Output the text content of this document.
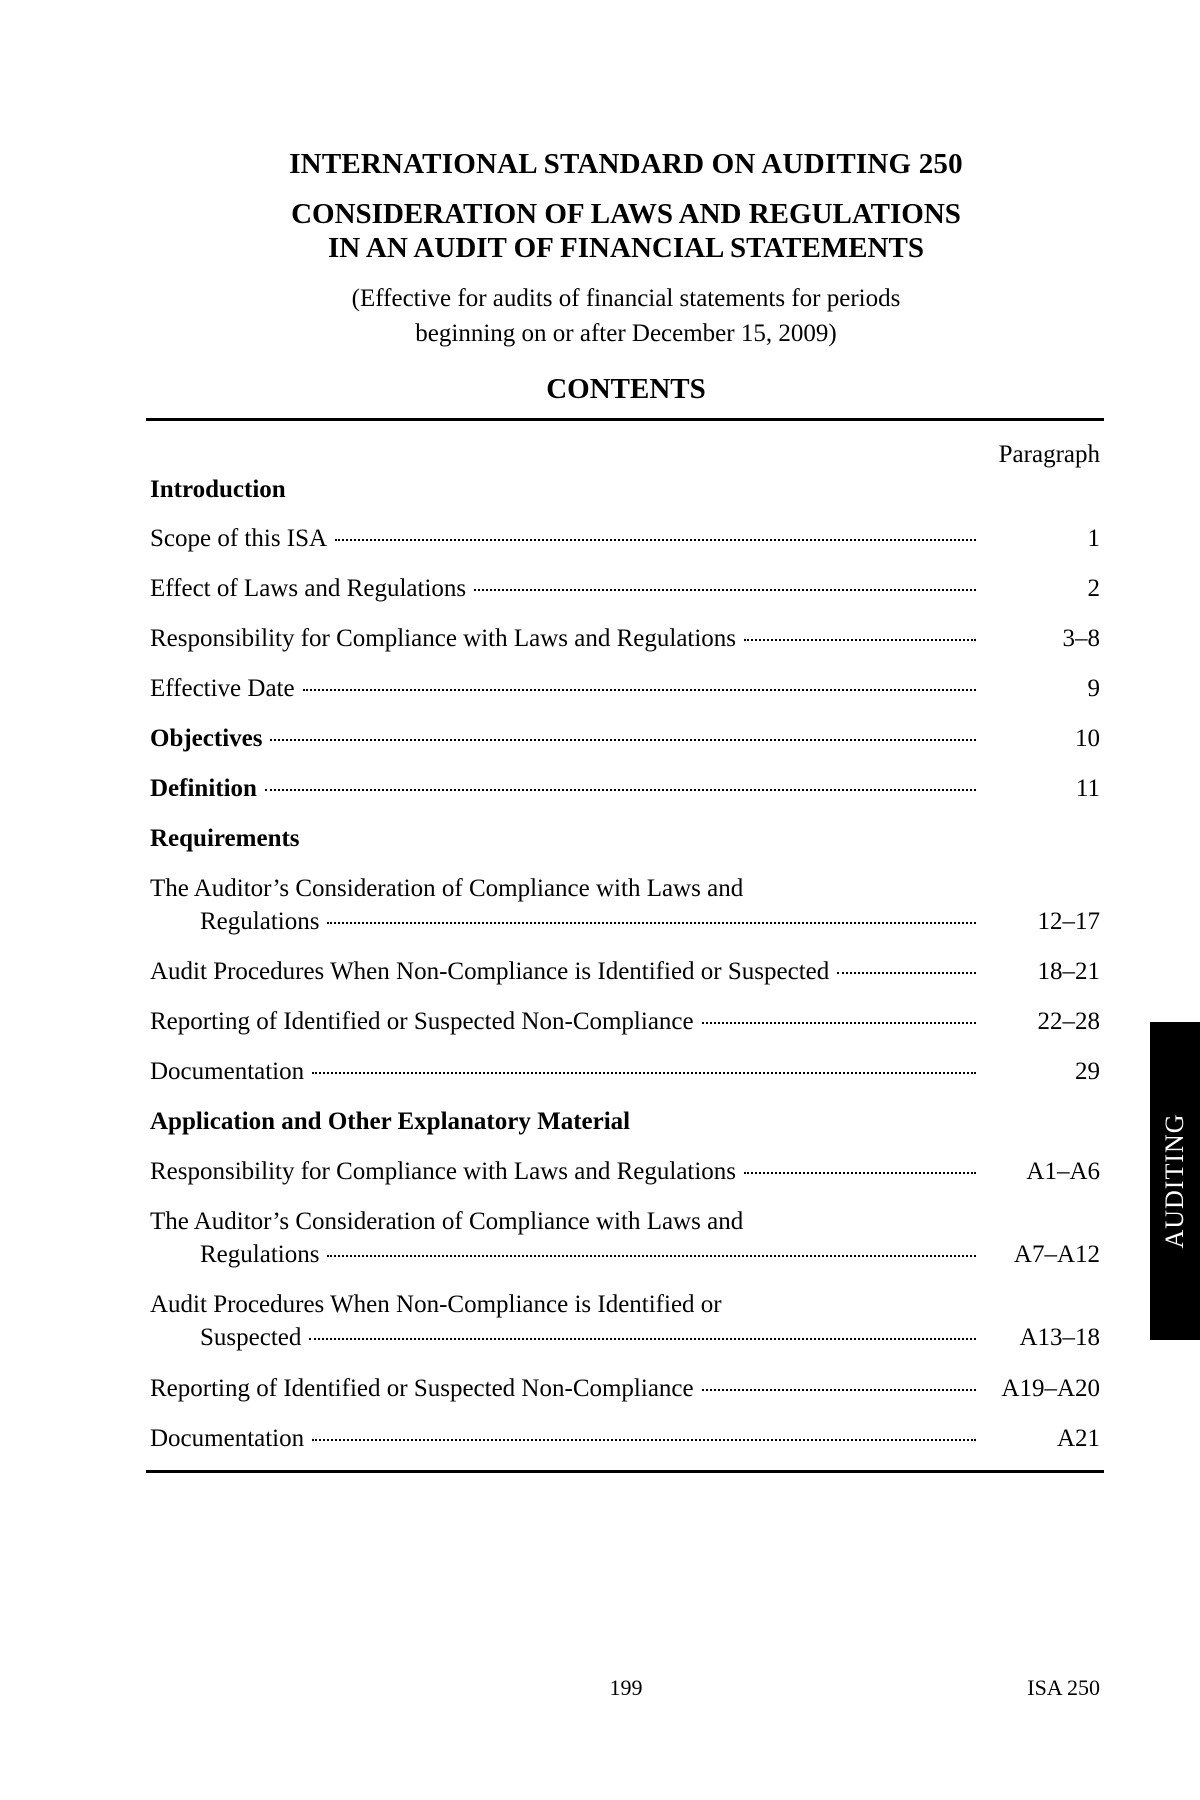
INTERNATIONAL STANDARD ON AUDITING 250
CONSIDERATION OF LAWS AND REGULATIONS
IN AN AUDIT OF FINANCIAL STATEMENTS
(Effective for audits of financial statements for periods
beginning on or after December 15, 2009)
CONTENTS
Paragraph
Introduction
Scope of this ISA	1
Effect of Laws and Regulations	2
Responsibility for Compliance with Laws and Regulations	3–8
Effective Date	9
Objectives	10
Definition	11
Requirements
The Auditor’s Consideration of Compliance with Laws and
Regulations	12–17
Audit Procedures When Non-Compliance is Identified or Suspected	18–21
Reporting of Identified or Suspected Non-Compliance	22–28
Documentation	29
Application and Other Explanatory Material
Responsibility for Compliance with Laws and Regulations	A1–A6
The Auditor’s Consideration of Compliance with Laws and
Regulations	A7–A12
Audit Procedures When Non-Compliance is Identified or
Suspected	A13–18
Reporting of Identified or Suspected Non-Compliance	A19–A20
Documentation	A21
AUDITING
199	ISA 250
